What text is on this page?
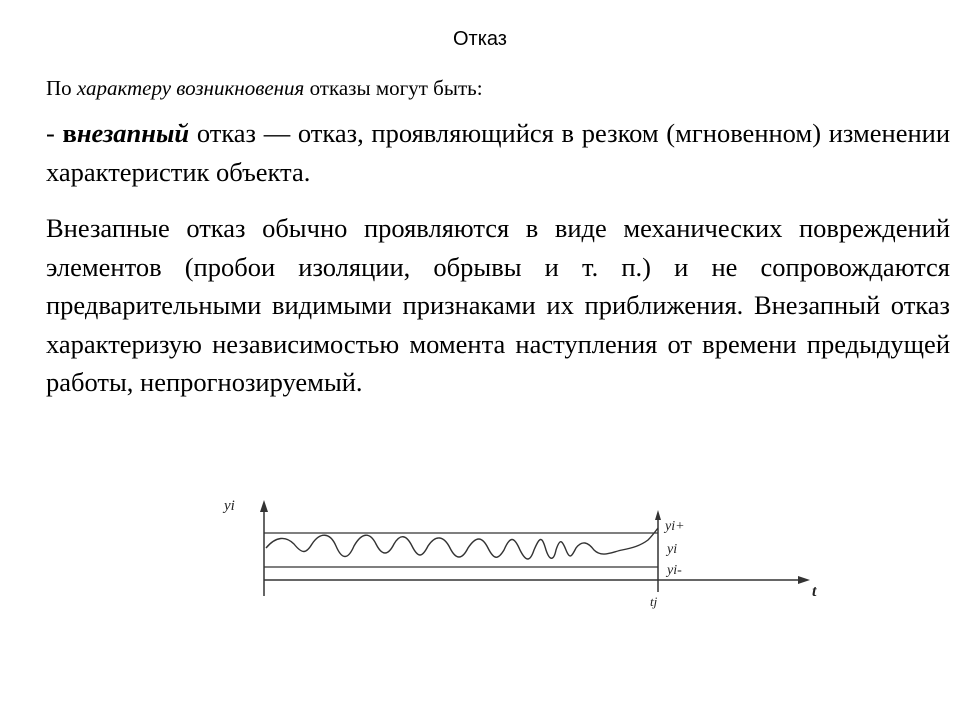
Отказ
По характеру возникновения отказы могут быть:
- внезапный отказ — отказ, проявляющийся в резком (мгновенном) изменении характеристик объекта.
Внезапные отказ обычно проявляются в виде механических повреждений элементов (пробои изоляции, обрывы и т. п.) и не сопровождаются предварительными видимыми признаками их приближения. Внезапный отказ характеризую независимостью момента наступления от времени предыдущей работы, непрогнозируемый.
yi
t
tj
yi+
yi
yi-
